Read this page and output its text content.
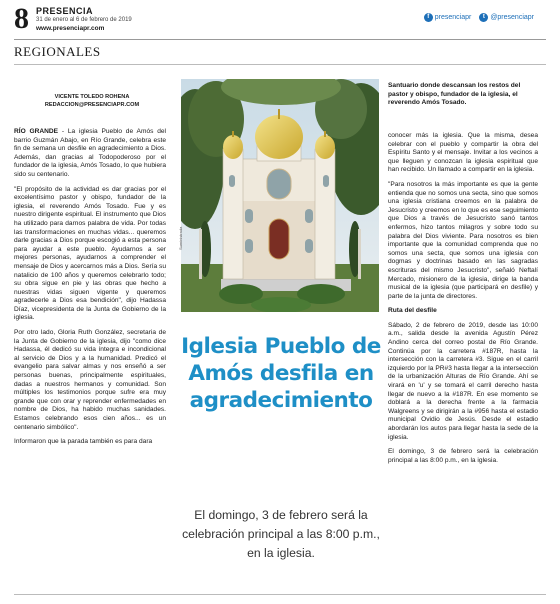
8 PRESENCIA
31 de enero al 6 de febrero de 2019
www.presenciapr.com
f presenciapr	t @presenciapr
REGIONALES
VICENTE TOLEDO ROHENA
REDACCION@PRESENCIAPR.COM

RÍO GRANDE - La iglesia Pueblo de Amós del barrio Guzmán Abajo, en Río Grande, celebra este fin de semana un desfile en agradecimiento a Dios. Además, dan gracias al Todopoderoso por el fundador de la iglesia, Amós Tosado, lo que hubiera sido su centenario.

"El propósito de la actividad es dar gracias por el excelentísimo pastor y obispo, fundador de la iglesia, el reverendo Amós Tosado. Fue y es nuestro dirigente espiritual. El instrumento que Dios ha utilizado para darnos palabra de vida. Por todas las transformaciones en muchas vidas... queremos darle gracias a Dios porque escogió a esta persona para ayudar a este pueblo. Ayudarnos a ser mejores personas, ayudarnos a comprender el mensaje de Dios y acercarnos más a Dios. Sería su natalicio de 100 años y queremos celebrarlo todo; su obra sigue en pie y las obras que hecho a nuestras vidas siguen vigente y queremos agradecerle a Dios esa bendición", dijo Hadassa Díaz, vicepresidenta de la Junta de Gobierno de la iglesia.

Por otro lado, Gloria Ruth González, secretaria de la Junta de Gobierno de la iglesia, dijo "como dice Hadassa, él dedicó su vida íntegra e incondicional al servicio de Dios y a la humanidad. Predicó el evangelio para salvar almas y nos enseñó a ser personas buenas, principalmente espirituales, dadas a nuestros hermanos y comunidad. Son múltiples los testimonios porque sufre era muy grande que con orar y reprender enfermedades en nombre de Dios, ha habido muchas sanidades. Estamos celebrando esos cien años... es un centenario simbólico".

Informaron que la parada también es para dara

Suministrada
Iglesia Pueblo de Amós desfila en agradecimiento
El domingo, 3 de febrero será la celebración principal a las 8:00 p.m., en la iglesia.
Santuario donde descansan los restos del pastor y obispo, fundador de la iglesia, el reverendo Amós Tosado.

conocer más la iglesia. Que la misma, desea celebrar con el pueblo y compartir la obra del Espíritu Santo y el mensaje. Invitar a los vecinos a que lleguen y conozcan la iglesia espiritual que han recibido. Un llamado a compartir en la iglesia.

"Para nosotros la más importante es que la gente entienda que no somos una secta, sino que somos una iglesia cristiana creemos en la palabra de Jesucristo y creemos en lo que es ese seguimiento que Dios a través de Jesucristo sanó tantos enfermos, hizo tantos milagros y sobre todo su palabra del Dios viviente. Para nosotros es bien importante que la comunidad comprenda que no somos una secta, que somos una iglesia con dogmas y doctrinas basado en las sagradas escrituras del mismo Jesucristo", señaló Neftalí Mercado, misionero de la iglesia, dirige la banda musical de la iglesia (que participará en desfile) y parte de la junta de directores.

Ruta del desfile

Sábado, 2 de febrero de 2019, desde las 10:00 a.m., salida desde la avenida Agustín Pérez Andino cerca del correo postal de Río Grande. Continúa por la carretera #187R, hasta la intersección con la carretera #3. Sigue en el carril izquierdo por la PR#3 hasta llegar a la intersección de la urbanización Alturas de Río Grande. Ahí se virará en 'u' y se tomará el carril derecho hasta llegar de nuevo a la #187R. En ese momento se doblará a la derecha frente a la farmacia Walgreens y se dirigirán a la #956 hasta el estadio municipal Ovidio de Jesús. Desde el estadio abordarán los autos para llegar hasta la sede de la iglesia.

El domingo, 3 de febrero será la celebración principal a las 8:00 p.m., en la iglesia.
